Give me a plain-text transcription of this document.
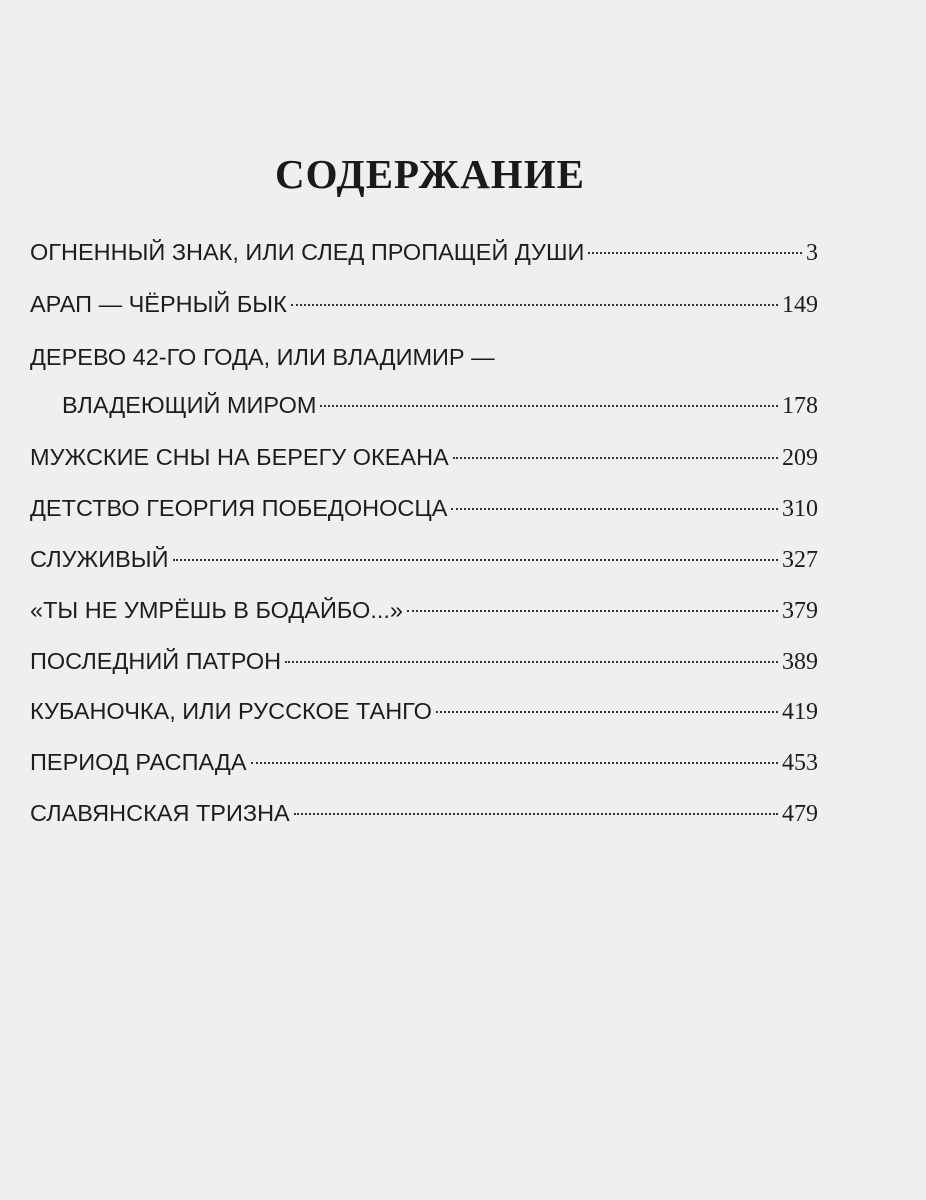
СОДЕРЖАНИЕ
ОГНЕННЫЙ ЗНАК, ИЛИ СЛЕД ПРОПАЩЕЙ ДУШИ	3
АРАП — ЧЁРНЫЙ БЫК	149
ДЕРЕВО 42-ГО ГОДА, ИЛИ ВЛАДИМИР —
ВЛАДЕЮЩИЙ МИРОМ	178
МУЖСКИЕ СНЫ НА БЕРЕГУ ОКЕАНА	209
ДЕТСТВО ГЕОРГИЯ ПОБЕДОНОСЦА	310
СЛУЖИВЫЙ	327
«ТЫ НЕ УМРЁШЬ В БОДАЙБО...»	379
ПОСЛЕДНИЙ ПАТРОН	389
КУБАНОЧКА, ИЛИ РУССКОЕ ТАНГО	419
ПЕРИОД РАСПАДА	453
СЛАВЯНСКАЯ ТРИЗНА	479
